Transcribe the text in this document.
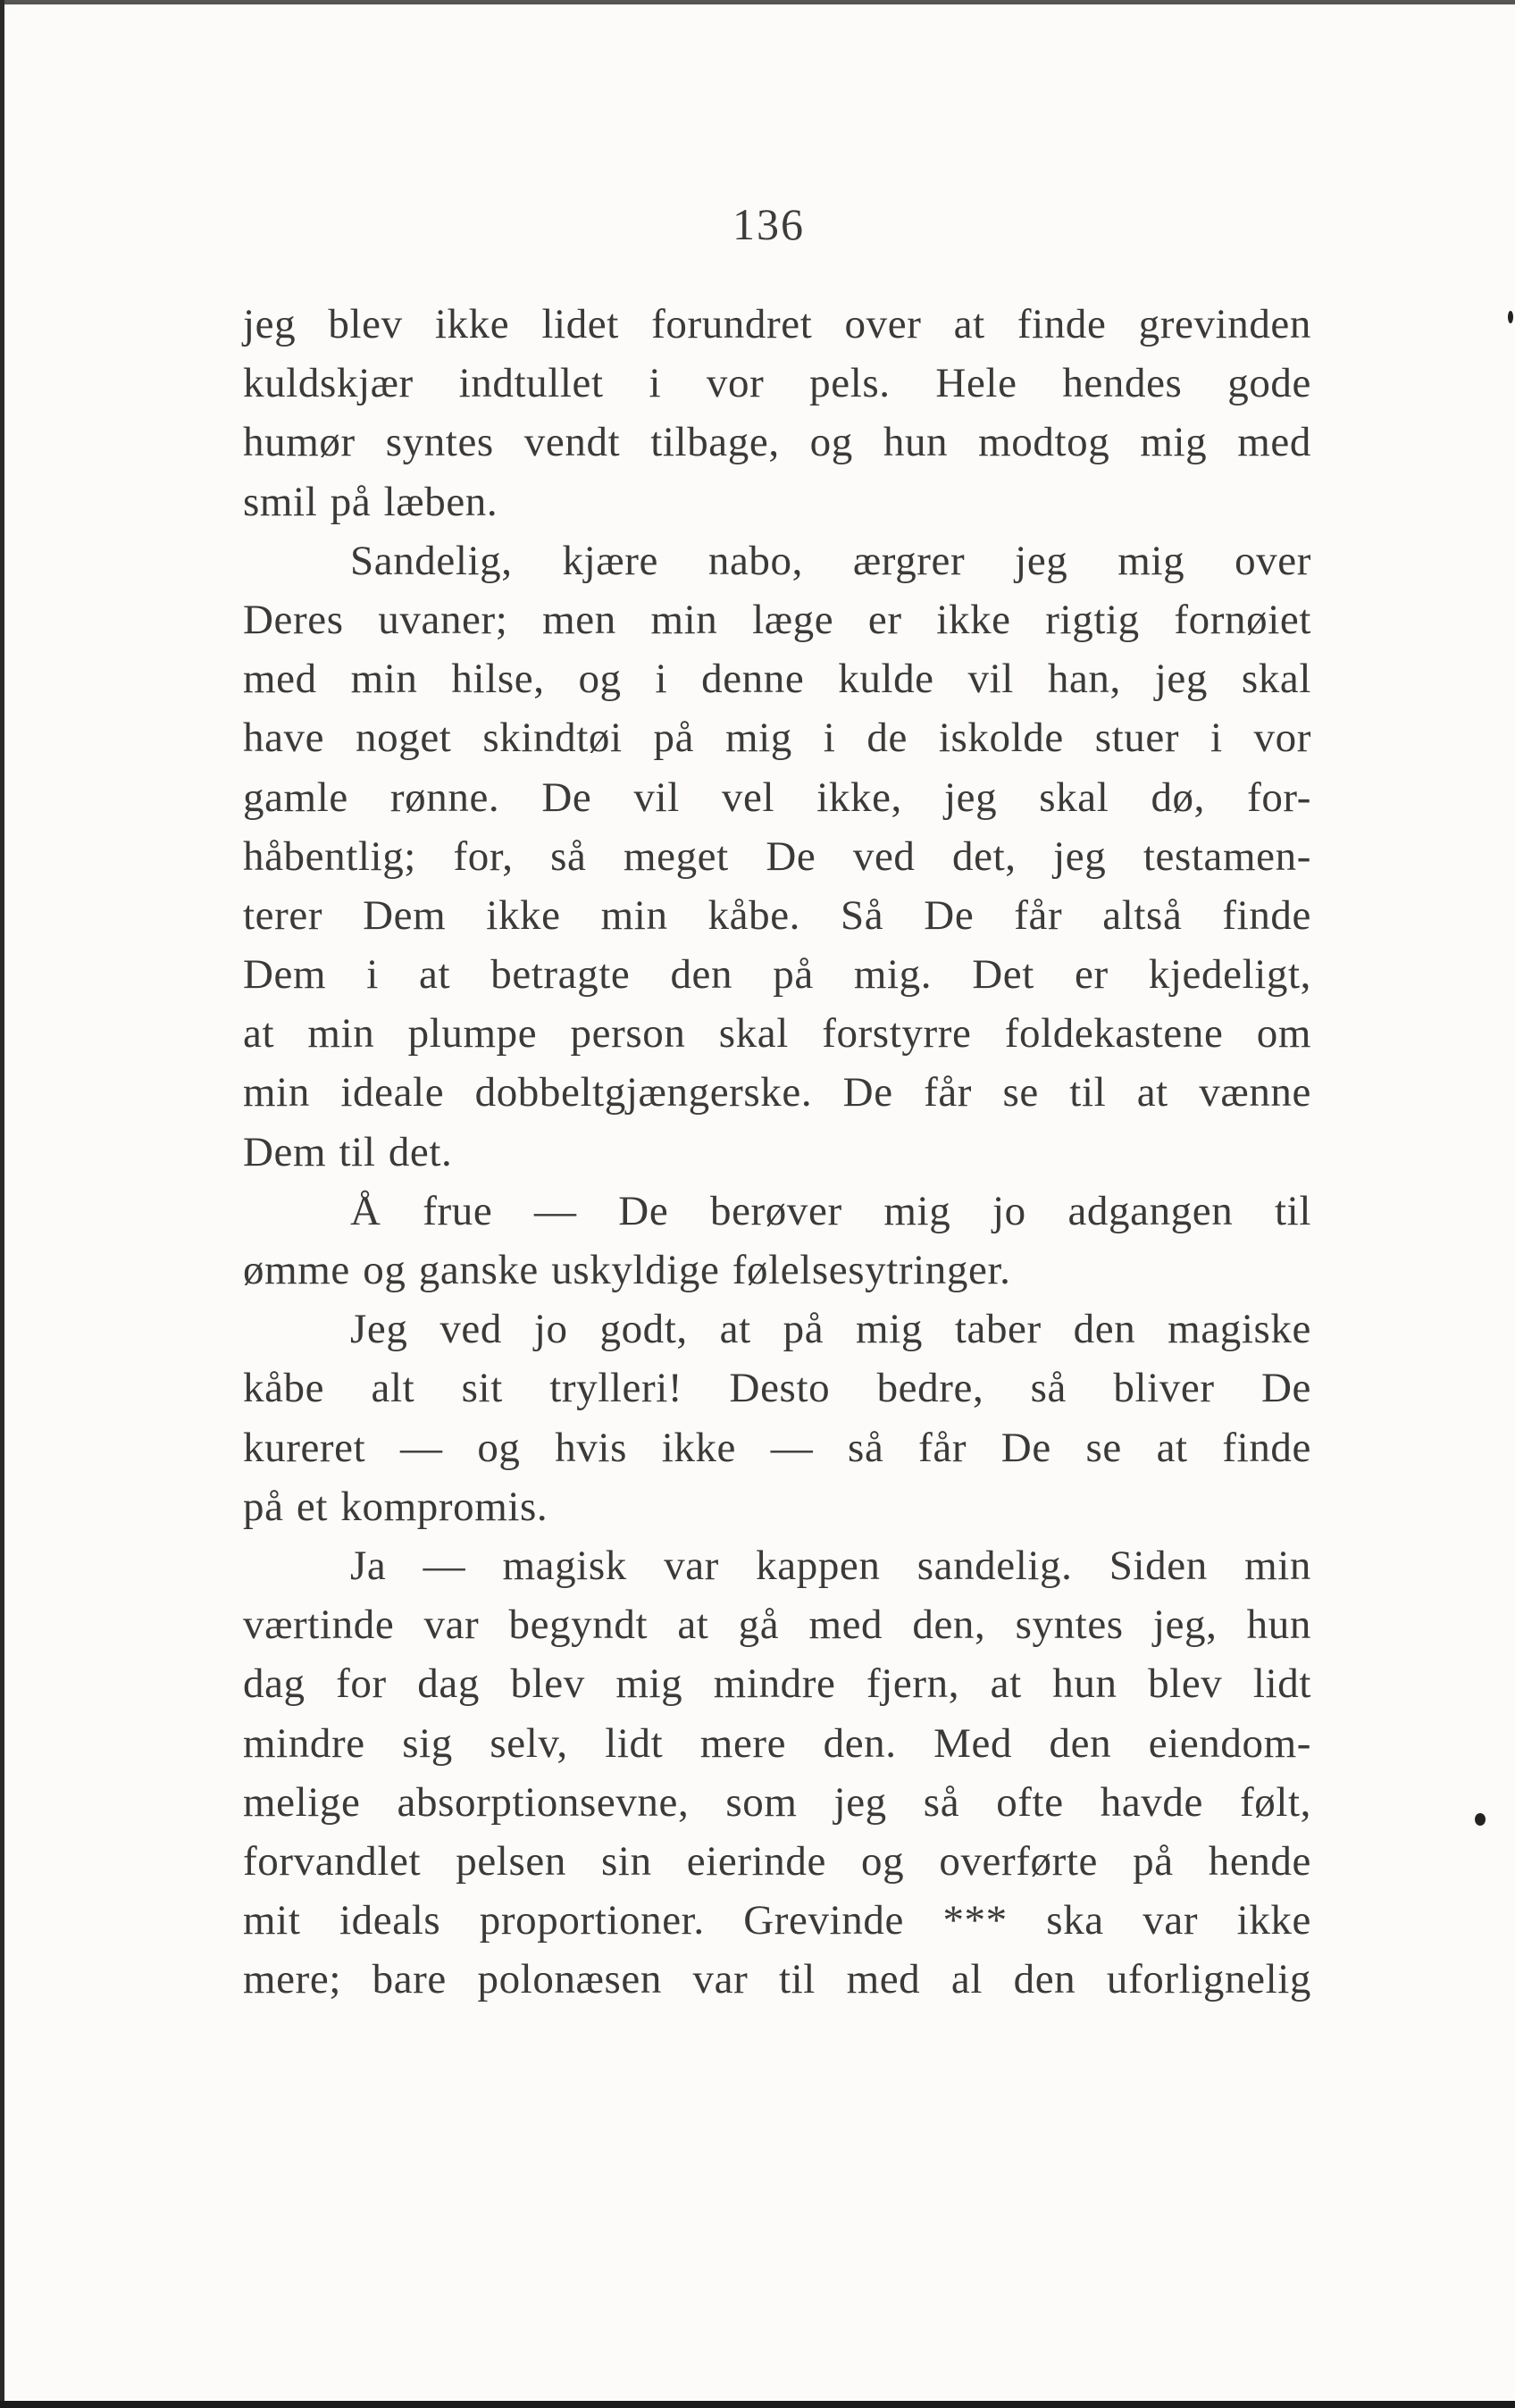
136
jeg blev ikke lidet forundret over at finde grevinden
kuldskjær indtullet i vor pels. Hele hendes gode
humør syntes vendt tilbage, og hun modtog mig med
smil på læben.
Sandelig, kjære nabo, ærgrer jeg mig over
Deres uvaner; men min læge er ikke rigtig fornøiet
med min hilse, og i denne kulde vil han, jeg skal
have noget skindtøi på mig i de iskolde stuer i vor
gamle rønne. De vil vel ikke, jeg skal dø, for-
håbentlig; for, så meget De ved det, jeg testamen-
terer Dem ikke min kåbe. Så De får altså finde
Dem i at betragte den på mig. Det er kjedeligt,
at min plumpe person skal forstyrre foldekastene om
min ideale dobbeltgjængerske. De får se til at vænne
Dem til det.
Å frue — De berøver mig jo adgangen til
ømme og ganske uskyldige følelsesytringer.
Jeg ved jo godt, at på mig taber den magiske
kåbe alt sit trylleri! Desto bedre, så bliver De
kureret — og hvis ikke — så får De se at finde
på et kompromis.
Ja — magisk var kappen sandelig. Siden min
værtinde var begyndt at gå med den, syntes jeg, hun
dag for dag blev mig mindre fjern, at hun blev lidt
mindre sig selv, lidt mere den. Med den eiendom-
melige absorptionsevne, som jeg så ofte havde følt,
forvandlet pelsen sin eierinde og overførte på hende
mit ideals proportioner. Grevinde *** ska var ikke
mere; bare polonæsen var til med al den uforlignelig
